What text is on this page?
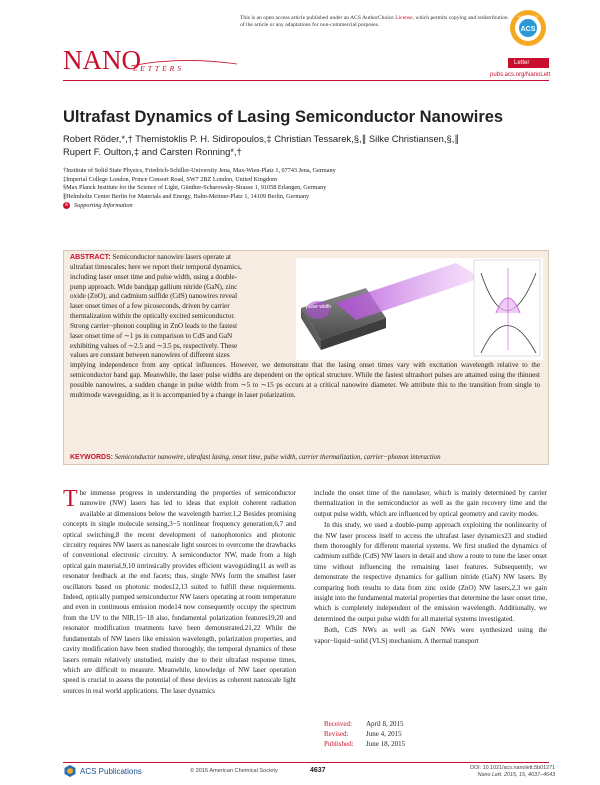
This is an open access article published under an ACS AuthorChoice License, which permits copying and redistribution of the article or any adaptations for non-commercial purposes.
ACS
AUTHORCHOICE
NANO
LETTERS
Letter
pubs.acs.org/NanoLett
Ultrafast Dynamics of Lasing Semiconductor Nanowires
Robert Röder,*,† Themistoklis P. H. Sidiropoulos,‡ Christian Tessarek,§,∥ Silke Christiansen,§,∥
Rupert F. Oulton,‡ and Carsten Ronning*,†
†Institute of Solid State Physics, Friedrich-Schiller-University Jena, Max-Wien-Platz 1, 07743 Jena, Germany
‡Imperial College London, Prince Consort Road, SW7 2BZ London, United Kingdom
§Max Planck Institute for the Science of Light, Günther-Scharowsky-Strasse 1, 91058 Erlangen, Germany
∥Helmholtz Center Berlin for Materials and Energy, Hahn-Meitner-Platz 1, 14109 Berlin, Germany
S Supporting Information
pulse width
ABSTRACT: Semiconductor nanowire lasers operate at
ultrafast timescales; here we report their temporal dynamics,
including laser onset time and pulse width, using a double-
pump approach. Wide bandgap gallium nitride (GaN), zinc
oxide (ZnO), and cadmium sulfide (CdS) nanowires reveal
laser onset times of a few picoseconds, driven by carrier
thermalization within the optically excited semiconductor.
Strong carrier−phonon coupling in ZnO leads to the fastest
laser onset time of ∼1 ps in comparison to CdS and GaN
exhibiting values of ∼2.5 and ∼3.5 ps, respectively. These
values are constant between nanowires of different sizes
implying independence from any optical influences. However, we demonstrate that the lasing onset times vary with excitation wavelength relative to the semiconductor band gap. Meanwhile, the laser pulse widths are dependent on the optical structure. While the fastest ultrashort pulses are attained using the thinnest possible nanowires, a sudden change in pulse width from ∼5 to ∼15 ps occurs at a critical nanowire diameter. We attribute this to the transition from single to multimode waveguiding, as it is accompanied by a change in laser polarization.
KEYWORDS: Semiconductor nanowire, ultrafast lasing, onset time, pulse width, carrier thermalization, carrier−phonon interaction
The immense progress in understanding the properties of semiconductor nanowire (NW) lasers has led to ideas that exploit coherent radiation available at dimensions below the wavelength barrier.1,2 Besides promising concepts in single molecule sensing,3−5 nonlinear frequency generation,6,7 and optical switching,8 the recent development of nanophotonics and photonic circuitry requires NW lasers as nanoscale light sources to overcome the drawbacks of conventional electronic circuitry. A semiconductor NW, made from a high optical gain material,9,10 intrinsically provides efficient waveguiding11 as well as resonator feedback at the end facets; thus, single NWs form the smallest laser oscillators based on photonic modes12,13 suited to fulfill these requirements. Indeed, optically pumped semiconductor NW lasers operating at room temperature and even in continuous emission mode14 now consequently occupy the spectrum from the UV to the NIR,15−18 also, fundamental polarization features19,20 and resonator modification treatments have been demonstrated.21,22 While the fundamentals of NW lasers like emission wavelength, polarization properties, and cavity modification have been studied thoroughly, the temporal dynamics of these lasers remain relatively unstudied, mainly due to their ultrafast response times, which are difficult to measure. Meanwhile, knowledge of NW laser operation speed is crucial to assess the potential of these devices as coherent nanoscale light sources in real world applications. The laser dynamics
include the onset time of the nanolaser, which is mainly determined by carrier thermalization in the semiconductor as well as the gain recovery time and the output pulse width, which are influenced by optical geometry and cavity modes.
In this study, we used a double-pump approach exploiting the nonlinearity of the NW laser process itself to access the ultrafast laser dynamics23 and studied them thoroughly for different material systems. We first studied the dynamics of cadmium sulfide (CdS) NW lasers in detail and show a route to tune the laser onset time without influencing the remaining laser features. Subsequently, we demonstrate the respective dynamics for gallium nitride (GaN) NW lasers. By comparing both results to data from zinc oxide (ZnO) NW lasers,2,3 we gain insight into the fundamental material properties that determine the laser onset time, which is completely independent of the emission wavelength. Additionally, we determined the output pulse width for all material systems investigated.
Both, CdS NWs as well as GaN NWs were synthesized using the vapor−liquid−solid (VLS) mechanism. A thermal transport
Received: April 8, 2015
Revised:	June 4, 2015
Published: June 18, 2015
ACS Publications	© 2015 American Chemical Society	4637	DOI: 10.1021/acs.nanolett.5b01271
Nano Lett. 2015, 15, 4637−4643
